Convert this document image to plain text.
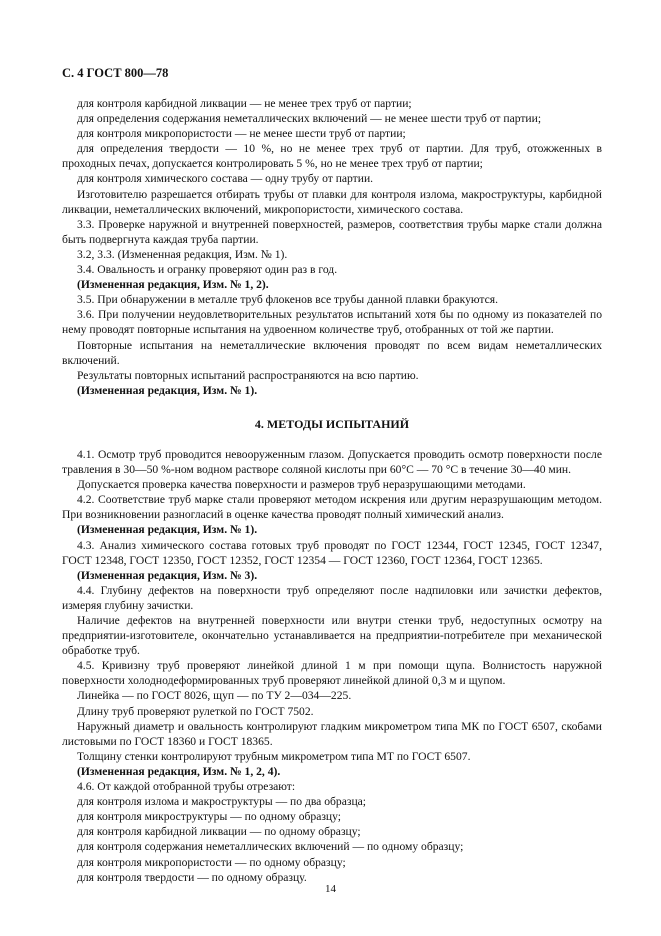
С. 4 ГОСТ 800—78

для контроля карбидной ликвации — не менее трех труб от партии;

для определения содержания неметаллических включений — не менее шести труб от партии;

для контроля микропористости — не менее шести труб от партии;

для определения твердости — 10 %, но не менее трех труб от партии. Для труб, отожженных в проходных печах, допускается контролировать 5 %, но не менее трех труб от партии;

для контроля химического состава — одну трубу от партии.

Изготовителю разрешается отбирать трубы от плавки для контроля излома, макроструктуры, карбидной ликвации, неметаллических включений, микропористости, химического состава.

3.3. Проверке наружной и внутренней поверхностей, размеров, соответствия трубы марке стали должна быть подвергнута каждая труба партии.

3.2, 3.3. (Измененная редакция, Изм. № 1).

3.4. Овальность и огранку проверяют один раз в год.

(Измененная редакция, Изм. № 1, 2).

3.5. При обнаружении в металле труб флокенов все трубы данной плавки бракуются.

3.6. При получении неудовлетворительных результатов испытаний хотя бы по одному из показателей по нему проводят повторные испытания на удвоенном количестве труб, отобранных от той же партии.

Повторные испытания на неметаллические включения проводят по всем видам неметаллических включений.

Результаты повторных испытаний распространяются на всю партию.

(Измененная редакция, Изм. № 1).

4. МЕТОДЫ ИСПЫТАНИЙ

4.1. Осмотр труб проводится невооруженным глазом. Допускается проводить осмотр поверхности после травления в 30—50 %-ном водном растворе соляной кислоты при 60°С — 70 °С в течение 30—40 мин.

Допускается проверка качества поверхности и размеров труб неразрушающими методами.

4.2. Соответствие труб марке стали проверяют методом искрения или другим неразрушающим методом. При возникновении разногласий в оценке качества проводят полный химический анализ.

(Измененная редакция, Изм. № 1).

4.3. Анализ химического состава готовых труб проводят по ГОСТ 12344, ГОСТ 12345, ГОСТ 12347, ГОСТ 12348, ГОСТ 12350, ГОСТ 12352, ГОСТ 12354 — ГОСТ 12360, ГОСТ 12364, ГОСТ 12365.

(Измененная редакция, Изм. № 3).

4.4. Глубину дефектов на поверхности труб определяют после надпиловки или зачистки дефектов, измеряя глубину зачистки.

Наличие дефектов на внутренней поверхности или внутри стенки труб, недоступных осмотру на предприятии-изготовителе, окончательно устанавливается на предприятии-потребителе при механической обработке труб.

4.5. Кривизну труб проверяют линейкой длиной 1 м при помощи щупа. Волнистость наружной поверхности холоднодеформированных труб проверяют линейкой длиной 0,3 м и щупом.

Линейка — по ГОСТ 8026, щуп — по ТУ 2—034—225.

Длину труб проверяют рулеткой по ГОСТ 7502.

Наружный диаметр и овальность контролируют гладким микрометром типа МК по ГОСТ 6507, скобами листовыми по ГОСТ 18360 и ГОСТ 18365.

Толщину стенки контролируют трубным микрометром типа МТ по ГОСТ 6507.

(Измененная редакция, Изм. № 1, 2, 4).

4.6. От каждой отобранной трубы отрезают:

для контроля излома и макроструктуры — по два образца;

для контроля микроструктуры — по одному образцу;

для контроля карбидной ликвации — по одному образцу;

для контроля содержания неметаллических включений — по одному образцу;

для контроля микропористости — по одному образцу;

для контроля твердости — по одному образцу.

14
